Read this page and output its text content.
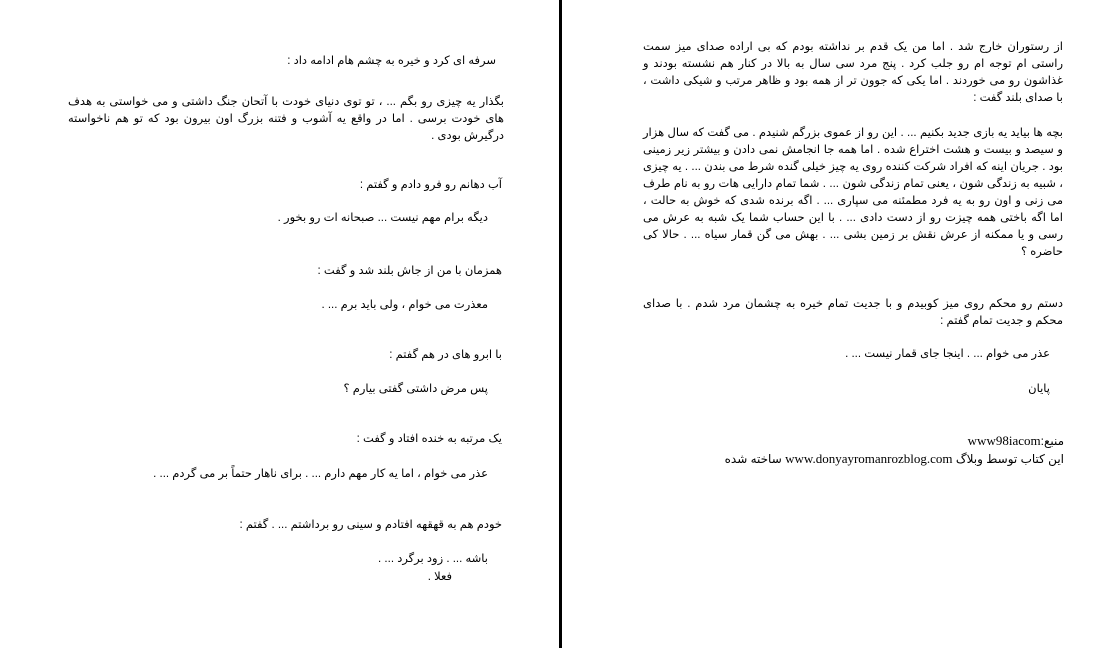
سرفه ای کرد و خیره به چشم هام ادامه داد :

بگذار یه چیزی رو بگم ... ، تو توی دنیای خودت با آتحان جنگ داشتی و می خواستی به هدف های خودت برسی . اما در واقع یه آشوب و فتنه بزرگ اون بیرون بود که تو هم ناخواسته درگیرش بودی .

آب دهانم رو فرو دادم و گفتم :

دیگه برام مهم نیست ... صبحانه ات رو بخور .

همزمان با من از جاش بلند شد و گفت :

معذرت می خوام ، ولی باید برم ... .

با ابرو های در هم گفتم :

پس مرض داشتی گفتی بیارم ؟

یک مرتبه به خنده افتاد و گفت :

عذر می خوام ، اما یه کار مهم دارم ... . برای ناهار حتماً بر می گردم ... .

خودم هم به قهقهه افتادم و سینی رو برداشتم ... . گفتم :

باشه ... . زود برگرد ... .

فعلا .

از رستوران خارج شد . اما من یک قدم بر نداشته بودم که بی اراده صدای میز سمت راستی ام توجه ام رو جلب کرد . پنج مرد سی سال به بالا در کنار هم نشسته بودند و غذاشون رو می خوردند . اما یکی که جوون تر از همه بود و ظاهر مرتب و شیکی داشت ، با صدای بلند گفت :

بچه ها بیاید یه بازی جدید بکنیم ... . این رو از عموی بزرگم شنیدم . می گفت که سال هزار و سیصد و بیست و هشت اختراع شده . اما همه جا انجامش نمی دادن و بیشتر زیر زمینی بود . جریان اینه که افراد شرکت کننده روی یه چیز خیلی گنده شرط می بندن ... . یه چیزی ، شبیه به زندگی شون ، یعنی تمام زندگی شون ... . شما تمام دارایی هات رو به نام طرف می زنی و اون رو به یه فرد مطمئنه می سپاری ... . اگه برنده شدی که خوش به حالت ، اما اگه باختی همه چیزت رو از دست دادی ... . با این حساب شما یک شبه به عرش می رسی و یا ممکنه از عرش نقش بر زمین بشی ... . بهش می گن قمار سیاه ... . حالا کی حاضره ؟

دستم رو محکم روی میز کوبیدم و با جدیت تمام خیره به چشمان مرد شدم . با صدای محکم و جدیت تمام گفتم :

عذر می خوام ... . اینجا جای قمار نیست ... .

پایان

منبع:www98iacom
این کتاب توسط وبلاگ www.donyayromanrozblog.com ساخته شده
